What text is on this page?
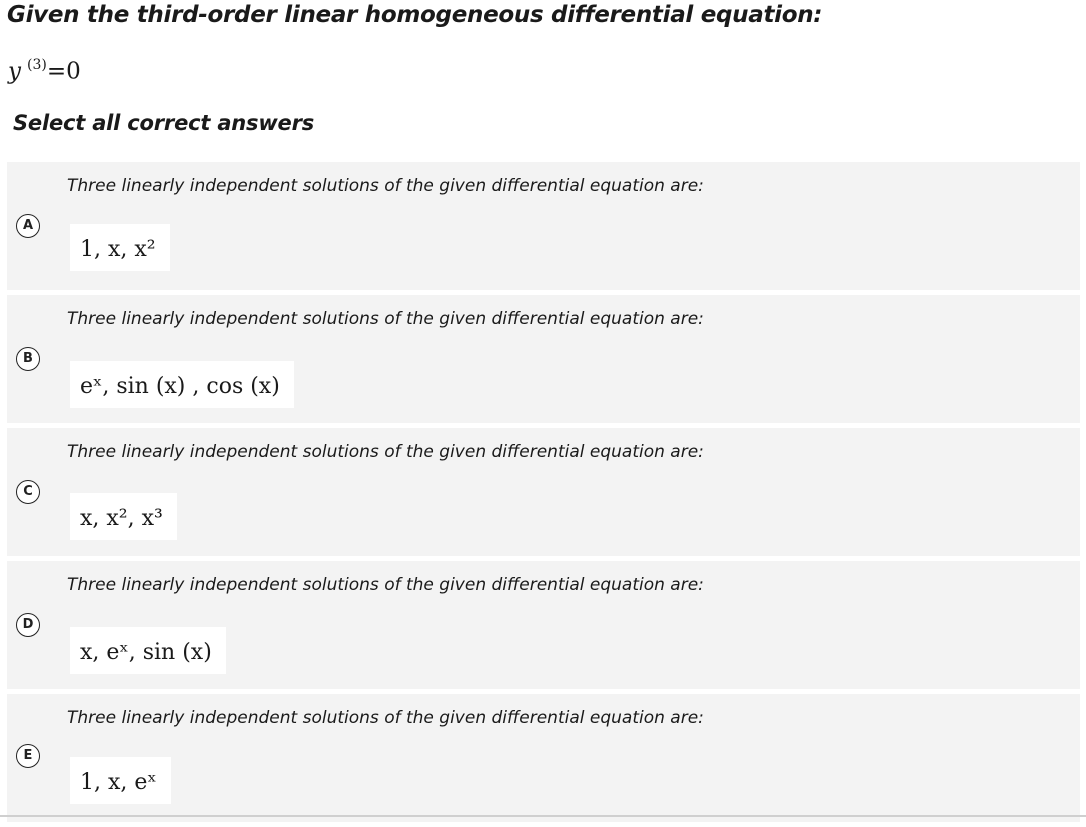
Given the third-order linear homogeneous differential equation:
y $^{(3)}$=0
Select all correct answers
Three linearly independent solutions of the given differential equation are:
A
1, x, x²
Three linearly independent solutions of the given differential equation are:
B
eˣ, sin (x) , cos (x)
Three linearly independent solutions of the given differential equation are:
C
x, x², x³
Three linearly independent solutions of the given differential equation are:
D
x, eˣ, sin (x)
Three linearly independent solutions of the given differential equation are:
E
1, x, eˣ
